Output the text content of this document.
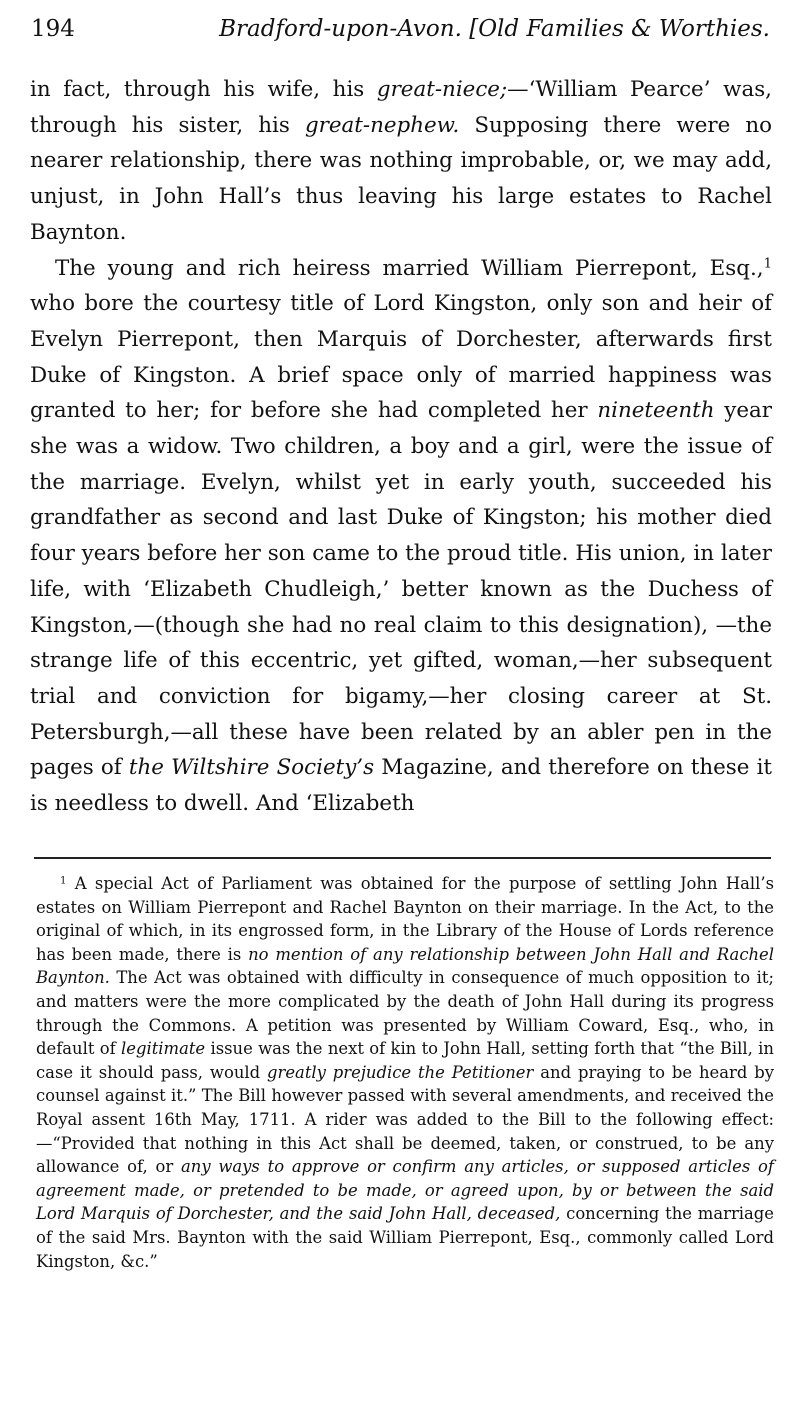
194	Bradford-upon-Avon. [Old Families & Worthies.

in fact, through his wife, his great-niece;—‘William Pearce’ was, through his sister, his great-nephew. Supposing there were no nearer relationship, there was nothing improbable, or, we may add, unjust, in John Hall’s thus leaving his large estates to Rachel Baynton.

The young and rich heiress married William Pierrepont, Esq.,$^1$ who bore the courtesy title of Lord Kingston, only son and heir of Evelyn Pierrepont, then Marquis of Dorchester, afterwards first Duke of Kingston. A brief space only of married happiness was granted to her; for before she had completed her nineteenth year she was a widow. Two children, a boy and a girl, were the issue of the marriage. Evelyn, whilst yet in early youth, succeeded his grandfather as second and last Duke of Kingston; his mother died four years before her son came to the proud title. His union, in later life, with ‘Elizabeth Chudleigh,’ better known as the Duchess of Kingston,—(though she had no real claim to this designation), —the strange life of this eccentric, yet gifted, woman,—her subsequent trial and conviction for bigamy,—her closing career at St. Petersburgh,—all these have been related by an abler pen in the pages of the Wiltshire Society’s Magazine, and therefore on these it is needless to dwell. And ‘Elizabeth

$^1$ A special Act of Parliament was obtained for the purpose of settling John Hall’s estates on William Pierrepont and Rachel Baynton on their marriage. In the Act, to the original of which, in its engrossed form, in the Library of the House of Lords reference has been made, there is no mention of any relationship between John Hall and Rachel Baynton. The Act was obtained with difficulty in consequence of much opposition to it; and matters were the more complicated by the death of John Hall during its progress through the Commons. A petition was presented by William Coward, Esq., who, in default of legitimate issue was the next of kin to John Hall, setting forth that “the Bill, in case it should pass, would greatly prejudice the Petitioner and praying to be heard by counsel against it.” The Bill however passed with several amendments, and received the Royal assent 16th May, 1711. A rider was added to the Bill to the following effect:—“Provided that nothing in this Act shall be deemed, taken, or construed, to be any allowance of, or any ways to approve or confirm any articles, or supposed articles of agreement made, or pretended to be made, or agreed upon, by or between the said Lord Marquis of Dorchester, and the said John Hall, deceased, concerning the marriage of the said Mrs. Baynton with the said William Pierrepont, Esq., commonly called Lord Kingston, &c.”
